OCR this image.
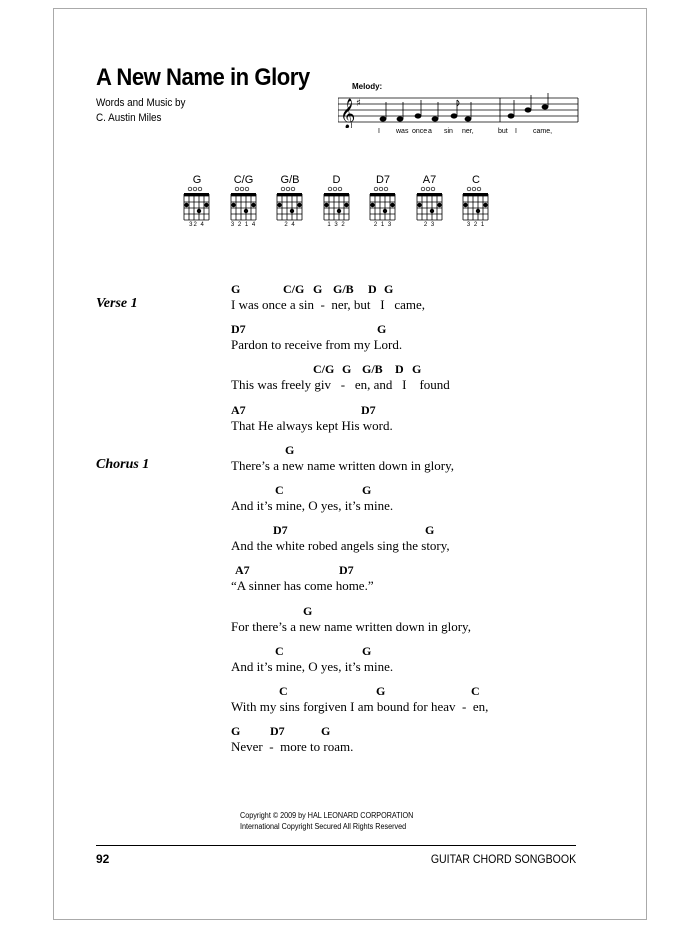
A New Name in Glory
Words and Music by
C. Austin Miles
Melody:
𝄞 ♯
I was once a sin ner,	but I came,
G
32 4
C/G
3 2 1 4
G/B
2 4
D
1 3 2
D7
2 1 3
A7
2 3
C
3 2 1
Verse 1
G	C/G G G/B D G
I was once a sin  -  ner, but   I   came,
D7	G
Pardon to receive from my Lord.
C/G G G/B D G
This was freely giv   -   en, and   I    found
A7	D7
That He always kept His word.
Chorus 1
G
There’s a new name written down in glory,
C	G
And it’s mine, O yes, it’s mine.
D7	G
And the white robed angels sing the story,
A7	D7
“A sinner has come home.”
G
For there’s a new name written down in glory,
C	G
And it’s mine, O yes, it’s mine.
C	G	C
With my sins forgiven I am bound for heav  -  en,
G D7	G
Never  -  more to roam.
Copyright © 2009 by HAL LEONARD CORPORATION
International Copyright Secured All Rights Reserved
92	GUITAR CHORD SONGBOOK
